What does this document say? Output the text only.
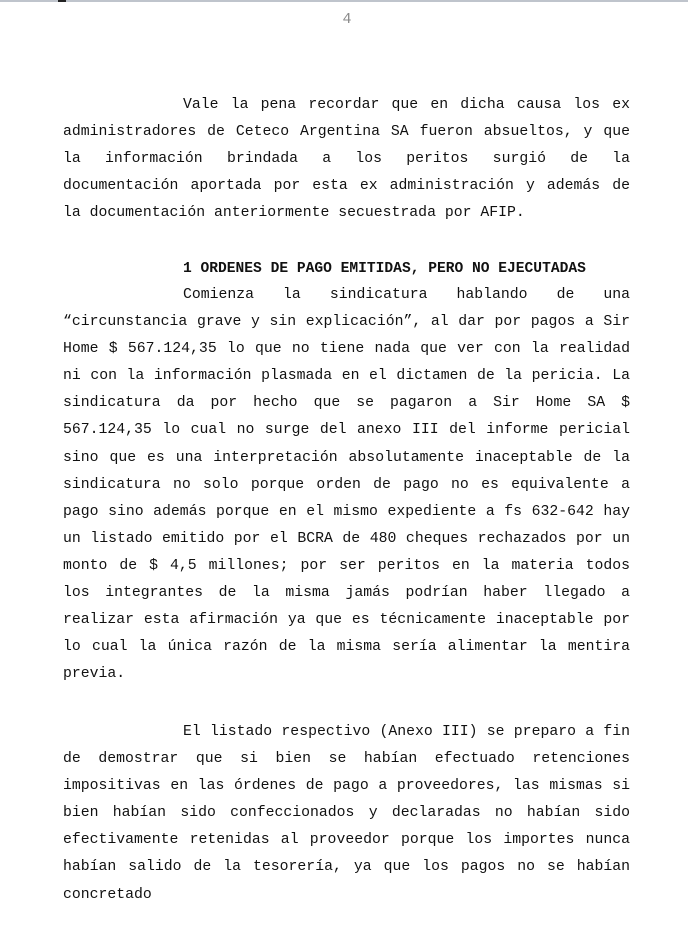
4

Vale la pena recordar que en dicha causa los ex administradores de Ceteco Argentina SA fueron absueltos, y que la información brindada a los peritos surgió de la documentación aportada por esta ex administración y además de la documentación anteriormente secuestrada por AFIP.

1 ORDENES DE PAGO EMITIDAS, PERO NO EJECUTADAS

Comienza la sindicatura hablando de una “circunstancia grave y sin explicación”, al dar por pagos a Sir Home $ 567.124,35 lo que no tiene nada que ver con la realidad ni con la información plasmada en el dictamen de la pericia. La sindicatura da por hecho que se pagaron a Sir Home SA $ 567.124,35 lo cual no surge del anexo III del informe pericial sino que es una interpretación absolutamente inaceptable de la sindicatura no solo porque orden de pago no es equivalente a pago sino además porque en el mismo expediente a fs 632-642 hay un listado emitido por el BCRA de 480 cheques rechazados por un monto de $ 4,5 millones; por ser peritos en la materia todos los integrantes de la misma jamás podrían haber llegado a realizar esta afirmación ya que es técnicamente inaceptable por lo cual la única razón de la misma sería alimentar la mentira previa.

El listado respectivo (Anexo III) se preparo a fin de demostrar que si bien se habían efectuado retenciones impositivas en las órdenes de pago a proveedores, las mismas si bien habían sido confeccionados y declaradas no habían sido efectivamente retenidas al proveedor porque los importes nunca habían salido de la tesorería, ya que los pagos no se habían concretado
